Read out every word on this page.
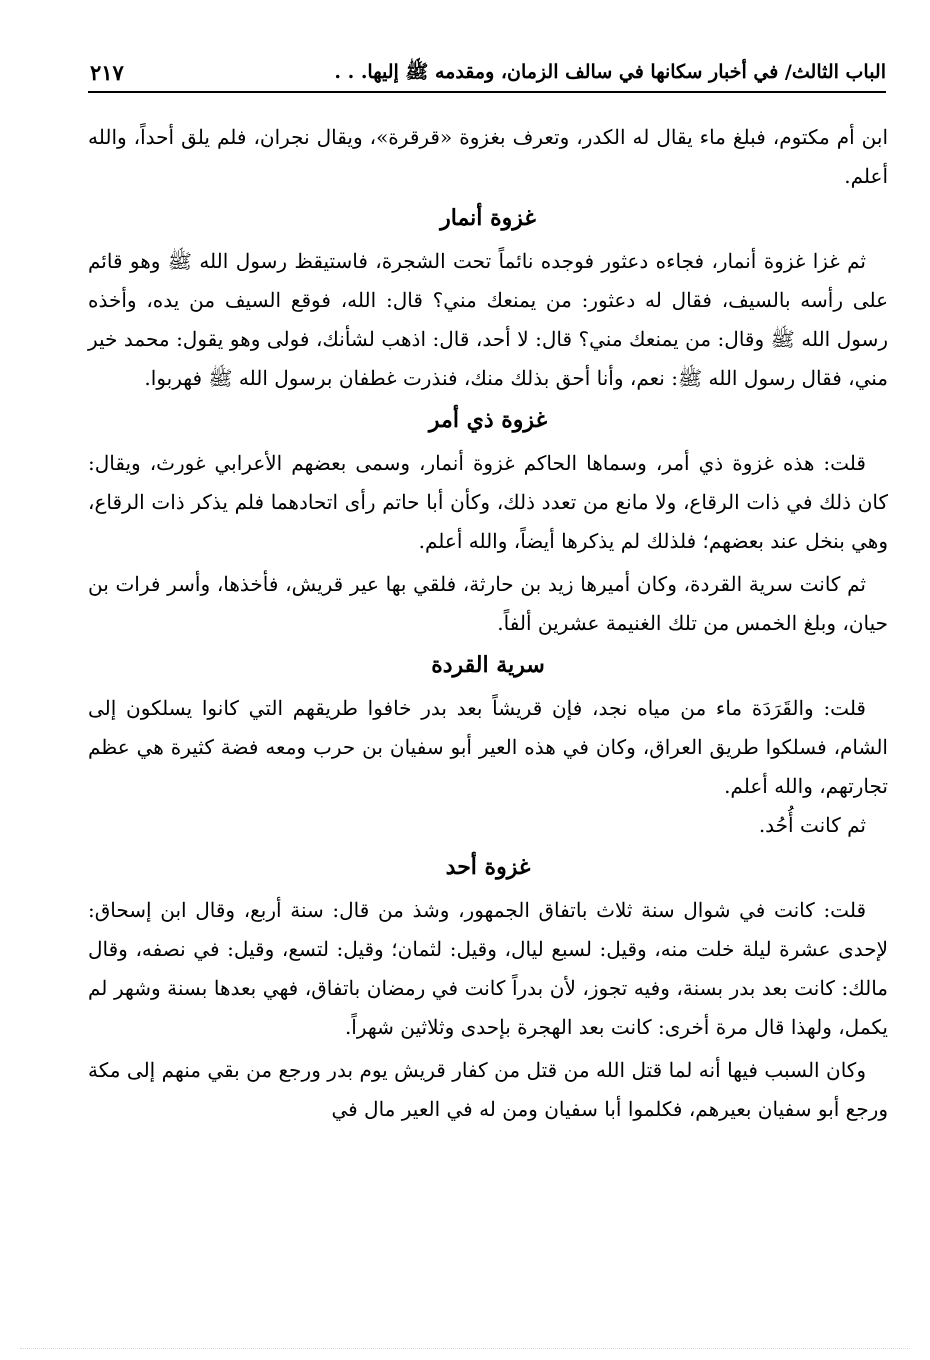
الباب الثالث/ في أخبار سكانها في سالف الزمان، ومقدمه ﷺ إليها. . .
٢١٧

ابن أم مكتوم، فبلغ ماء يقال له الكدر، وتعرف بغزوة «قرقرة»، ويقال نجران، فلم يلق أحداً، والله أعلم.

غزوة أنمار

ثم غزا غزوة أنمار، فجاءه دعثور فوجده نائماً تحت الشجرة، فاستيقظ رسول الله ﷺ وهو قائم على رأسه بالسيف، فقال له دعثور: من يمنعك مني؟ قال: الله، فوقع السيف من يده، وأخذه رسول الله ﷺ وقال: من يمنعك مني؟ قال: لا أحد، قال: اذهب لشأنك، فولى وهو يقول: محمد خير مني، فقال رسول الله ﷺ: نعم، وأنا أحق بذلك منك، فنذرت غطفان برسول الله ﷺ فهربوا.

غزوة ذي أمر

قلت: هذه غزوة ذي أمر، وسماها الحاكم غزوة أنمار، وسمى بعضهم الأعرابي غورث، ويقال: كان ذلك في ذات الرقاع، ولا مانع من تعدد ذلك، وكأن أبا حاتم رأى اتحادهما فلم يذكر ذات الرقاع، وهي بنخل عند بعضهم؛ فلذلك لم يذكرها أيضاً، والله أعلم.

ثم كانت سرية القردة، وكان أميرها زيد بن حارثة، فلقي بها عير قريش، فأخذها، وأسر فرات بن حيان، وبلغ الخمس من تلك الغنيمة عشرين ألفاً.

سرية القردة

قلت: والقَرَدَة ماء من مياه نجد، فإن قريشاً بعد بدر خافوا طريقهم التي كانوا يسلكون إلى الشام، فسلكوا طريق العراق، وكان في هذه العير أبو سفيان بن حرب ومعه فضة كثيرة هي عظم تجارتهم، والله أعلم.

ثم كانت أُحُد.

غزوة أحد

قلت: كانت في شوال سنة ثلاث باتفاق الجمهور، وشذ من قال: سنة أربع، وقال ابن إسحاق: لإحدى عشرة ليلة خلت منه، وقيل: لسبع ليال، وقيل: لثمان؛ وقيل: لتسع، وقيل: في نصفه، وقال مالك: كانت بعد بدر بسنة، وفيه تجوز، لأن بدراً كانت في رمضان باتفاق، فهي بعدها بسنة وشهر لم يكمل، ولهذا قال مرة أخرى: كانت بعد الهجرة بإحدى وثلاثين شهراً.

وكان السبب فيها أنه لما قتل الله من قتل من كفار قريش يوم بدر ورجع من بقي منهم إلى مكة ورجع أبو سفيان بعيرهم، فكلموا أبا سفيان ومن له في العير مال في
